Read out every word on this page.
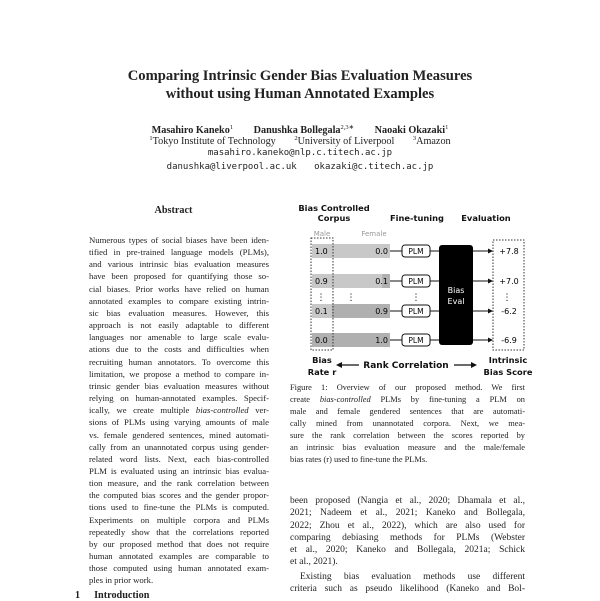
Comparing Intrinsic Gender Bias Evaluation Measures
without using Human Annotated Examples
Masahiro Kaneko$^1$ Danushka Bollegala$^{2,3∗}$ Naoaki Okazaki$^1$
$^1$Tokyo Institute of Technology	$^2$University of Liverpool	$^3$Amazon
masahiro.kaneko@nlp.c.titech.ac.jp
danushka@liverpool.ac.uk okazaki@c.titech.ac.jp
Abstract
Numerous types of social biases have been iden-
tified in pre-trained language models (PLMs),
and various intrinsic bias evaluation measures
have been proposed for quantifying those so-
cial biases. Prior works have relied on human
annotated examples to compare existing intrin-
sic bias evaluation measures. However, this
approach is not easily adaptable to different
languages nor amenable to large scale evalu-
ations due to the costs and difficulties when
recruiting human annotators. To overcome this
limitation, we propose a method to compare in-
trinsic gender bias evaluation measures without
relying on human-annotated examples. Specif-
ically, we create multiple bias-controlled ver-
sions of PLMs using varying amounts of male
vs. female gendered sentences, mined automati-
cally from an unannotated corpus using gender-
related word lists. Next, each bias-controlled
PLM is evaluated using an intrinsic bias evalua-
tion measure, and the rank correlation between
the computed bias scores and the gender propor-
tions used to fine-tune the PLMs is computed.
Experiments on multiple corpora and PLMs
repeatedly show that the correlations reported
by our proposed method that does not require
human annotated examples are comparable to
those computed using human annotated exam-
ples in prior work.
Bias Controlled
Corpus	Fine-tuning Evaluation
Male	Female
1.0	0.0	PLM	+7.8
0.9	0.1	PLM	+7.0
0.1	0.9	PLM	-6.2
0.0	1.0	PLM	-6.9
Bias
Eval
⋮ ⋮	⋮	⋮
Bias
Rate r
Rank Correlation
Intrinsic
Bias Score
Figure 1: Overview of our proposed method. We first
create bias-controlled PLMs by fine-tuning a PLM on
male and female gendered sentences that are automati-
cally mined from unannotated corpora. Next, we mea-
sure the rank correlation between the scores reported by
an intrinsic bias evaluation measure and the male/female
bias rates (r) used to fine-tune the PLMs.
been proposed (Nangia et al., 2020; Dhamala et al.,
2021; Nadeem et al., 2021; Kaneko and Bollegala,
2022; Zhou et al., 2022), which are also used for
comparing debiasing methods for PLMs (Webster
et al., 2020; Kaneko and Bollegala, 2021a; Schick
et al., 2021).
Existing bias evaluation methods use different
criteria such as pseudo likelihood (Kaneko and Bol-
1 Introduction
